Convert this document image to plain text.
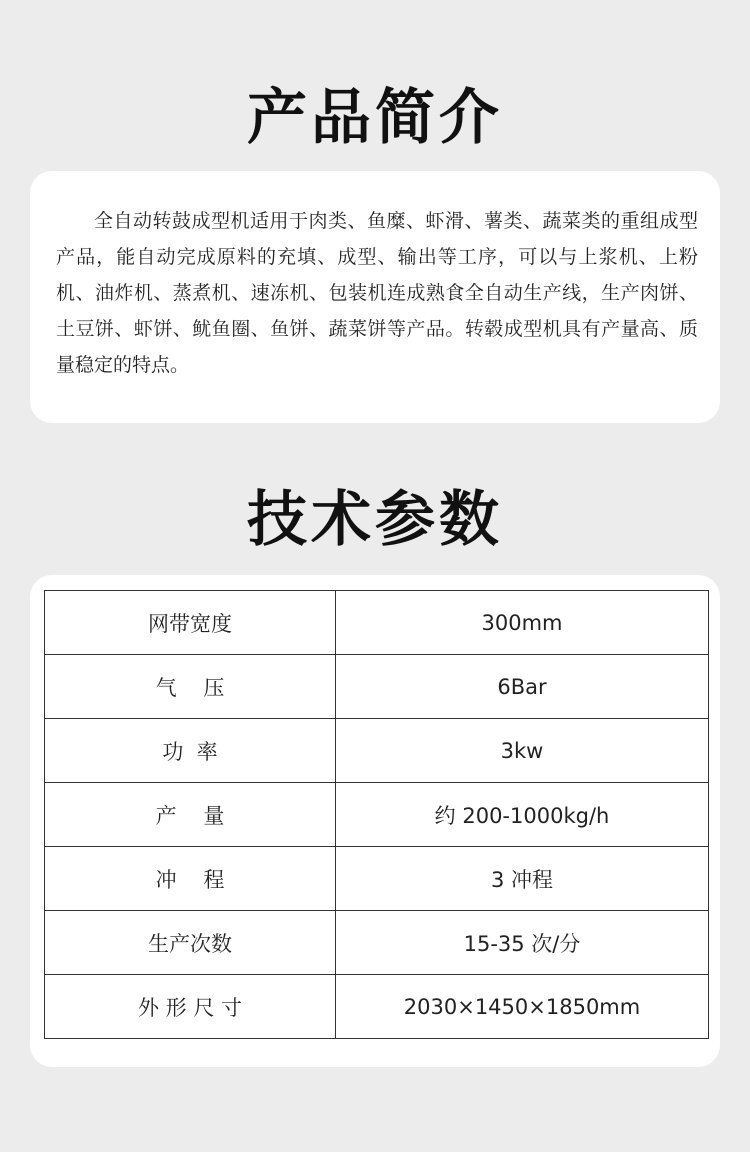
产品简介

全自动转鼓成型机适用于肉类、鱼糜、虾滑、薯类、蔬菜类的重组成型产品，能自动完成原料的充填、成型、输出等工序，可以与上浆机、上粉机、油炸机、蒸煮机、速冻机、包装机连成熟食全自动生产线，生产肉饼、土豆饼、虾饼、鱿鱼圈、鱼饼、蔬菜饼等产品。转毂成型机具有产量高、质量稳定的特点。

技术参数
网带宽度	300mm
气    压	6Bar
功  率	3kw
产    量	约 200-1000kg/h
冲    程	3 冲程
生产次数	15-35 次/分
外 形 尺 寸	2030×1450×1850mm
